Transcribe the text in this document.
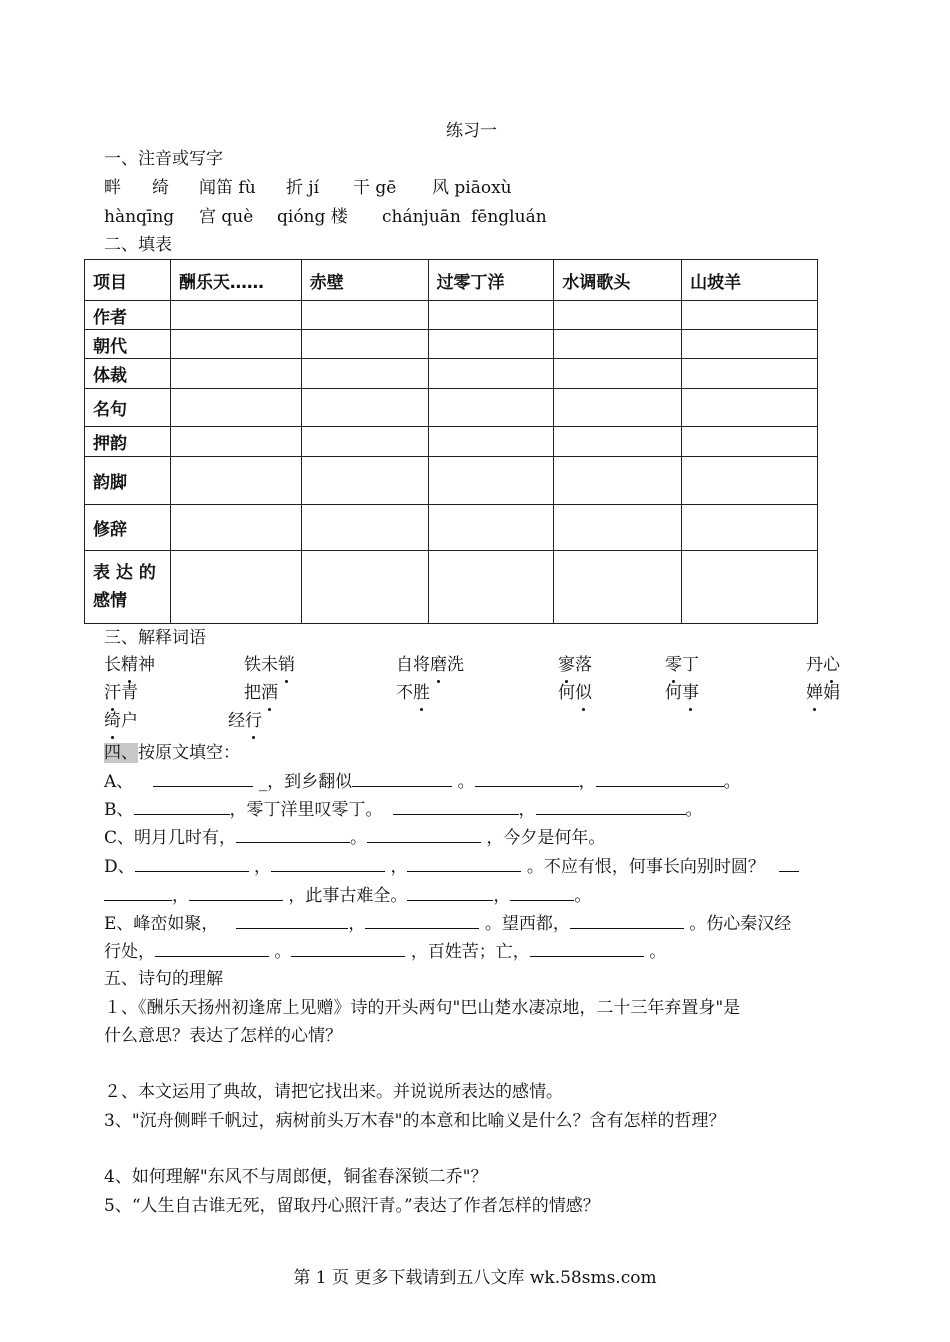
练习一
一、注音或写字
畔 绮 闻笛 fù 折 jí 干 gē 风 piāoxù
hànqīng 宫 què qióng 楼 chánjuān fēngluán
二、填表
项目	酬乐天……	赤壁	过零丁洋	水调歌头	山坡羊
作者					
朝代					
体裁					
名句					
押韵					
韵脚					
修辞					

表 达 的
感情					

三、解释词语
长精神	铁未销	自将磨洗	寥落	零丁	丹心
汗青	把酒	不胜	何似	何事	婵娟
绮户	经行
四、按原文填空：
A、	_，到乡翻似	。	，	。
B、	，零丁洋里叹零丁。	，	。
C、明月几时有，	。	，今夕是何年。
D、	，	，	。不应有恨，何事长向别时圆？
，	，此事古难全。	，	。
E、峰峦如聚，	，	。望西都，	。伤心秦汉经
行处，	。	，百姓苦；亡，	。
五、诗句的理解
１、《酬乐天扬州初逢席上见赠》诗的开头两句"巴山楚水凄凉地，二十三年弃置身"是
什么意思？表达了怎样的心情？
２、本文运用了典故，请把它找出来。并说说所表达的感情。
3、"沉舟侧畔千帆过，病树前头万木春"的本意和比喻义是什么？含有怎样的哲理？
4、如何理解"东风不与周郎便，铜雀春深锁二乔"？
5、“人生自古谁无死，留取丹心照汗青。”表达了作者怎样的情感？
第 1 页 更多下载请到五八文库 wk.58sms.com
